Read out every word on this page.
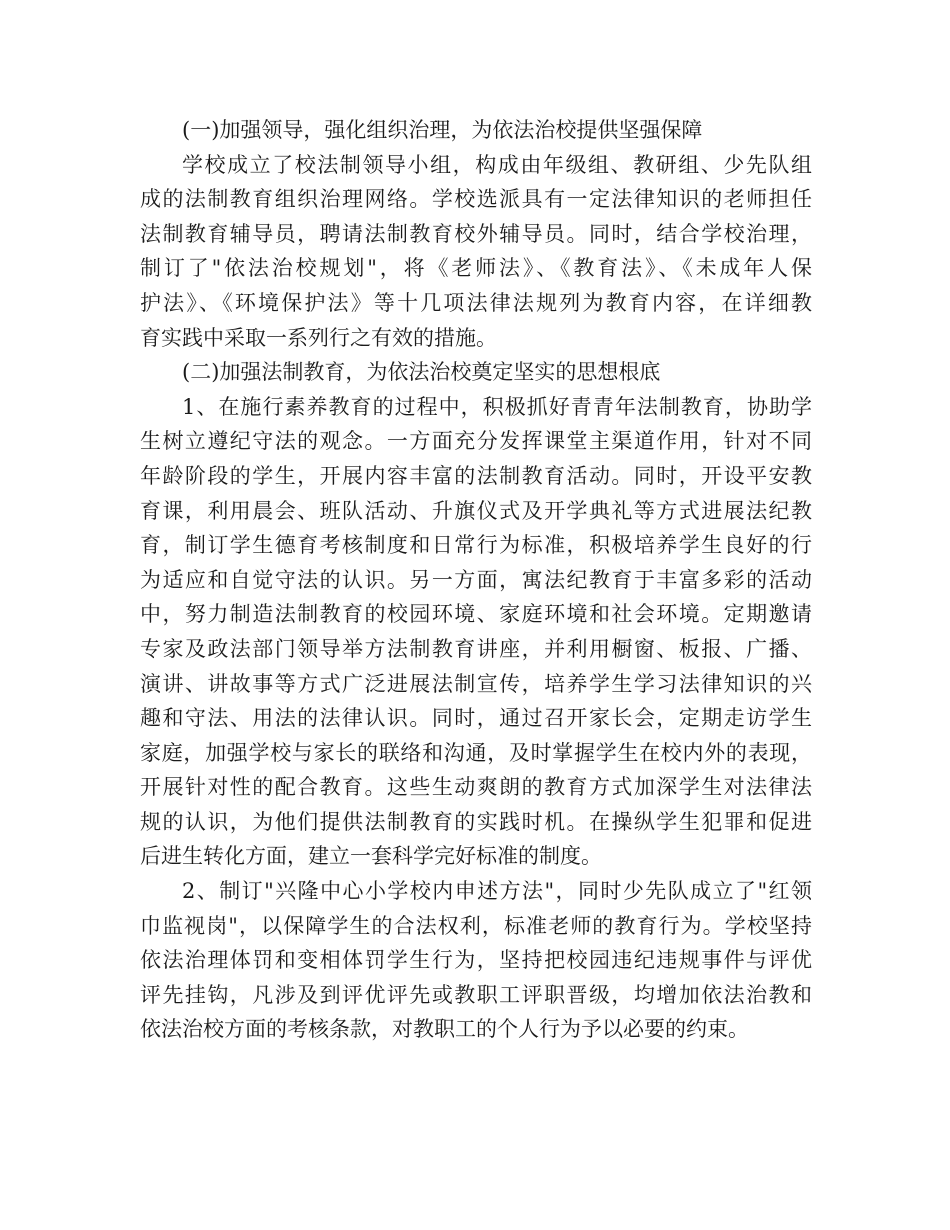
(一)加强领导，强化组织治理，为依法治校提供坚强保障
学校成立了校法制领导小组，构成由年级组、教研组、少先队组
成的法制教育组织治理网络。学校选派具有一定法律知识的老师担任
法制教育辅导员，聘请法制教育校外辅导员。同时，结合学校治理，
制订了"依法治校规划"，将《老师法》、《教育法》、《未成年人保
护法》、《环境保护法》等十几项法律法规列为教育内容，在详细教
育实践中采取一系列行之有效的措施。
(二)加强法制教育，为依法治校奠定坚实的思想根底
1、在施行素养教育的过程中，积极抓好青青年法制教育，协助学
生树立遵纪守法的观念。一方面充分发挥课堂主渠道作用，针对不同
年龄阶段的学生，开展内容丰富的法制教育活动。同时，开设平安教
育课，利用晨会、班队活动、升旗仪式及开学典礼等方式进展法纪教
育，制订学生德育考核制度和日常行为标准，积极培养学生良好的行
为适应和自觉守法的认识。另一方面，寓法纪教育于丰富多彩的活动
中，努力制造法制教育的校园环境、家庭环境和社会环境。定期邀请
专家及政法部门领导举方法制教育讲座，并利用橱窗、板报、广播、
演讲、讲故事等方式广泛进展法制宣传，培养学生学习法律知识的兴
趣和守法、用法的法律认识。同时，通过召开家长会，定期走访学生
家庭，加强学校与家长的联络和沟通，及时掌握学生在校内外的表现，
开展针对性的配合教育。这些生动爽朗的教育方式加深学生对法律法
规的认识，为他们提供法制教育的实践时机。在操纵学生犯罪和促进
后进生转化方面，建立一套科学完好标准的制度。
2、制订"兴隆中心小学校内申述方法"，同时少先队成立了"红领
巾监视岗"，以保障学生的合法权利，标准老师的教育行为。学校坚持
依法治理体罚和变相体罚学生行为，坚持把校园违纪违规事件与评优
评先挂钩，凡涉及到评优评先或教职工评职晋级，均增加依法治教和
依法治校方面的考核条款，对教职工的个人行为予以必要的约束。
